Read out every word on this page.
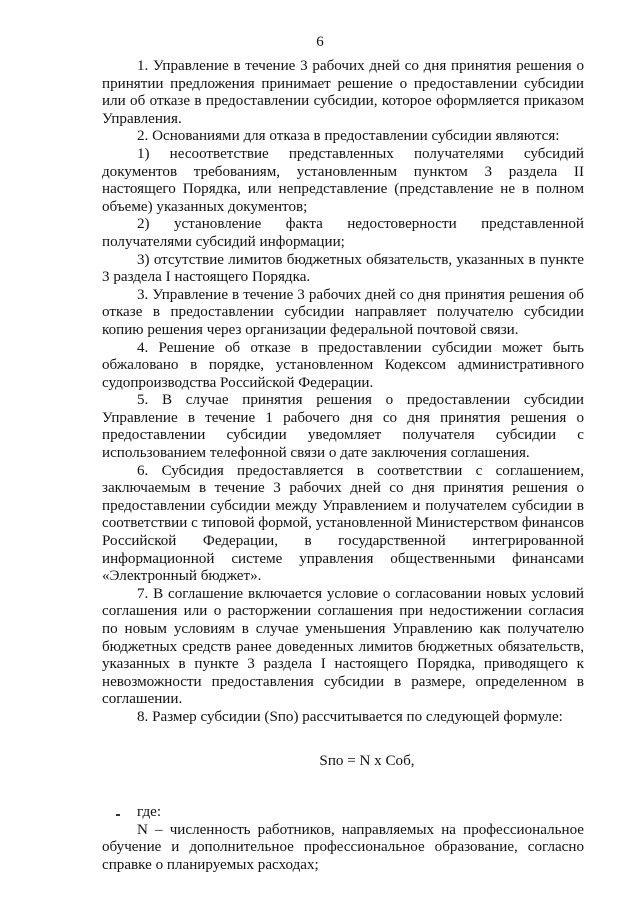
6

1. Управление в течение 3 рабочих дней со дня принятия решения о принятии предложения принимает решение о предоставлении субсидии или об отказе в предоставлении субсидии, которое оформляется приказом Управления.

2. Основаниями для отказа в предоставлении субсидии являются:

1) несоответствие представленных получателями субсидий документов требованиям, установленным пунктом 3 раздела II настоящего Порядка, или непредставление (представление не в полном объеме) указанных документов;

2) установление факта недостоверности представленной получателями субсидий информации;

3) отсутствие лимитов бюджетных обязательств, указанных в пункте 3 раздела I настоящего Порядка.

3. Управление в течение 3 рабочих дней со дня принятия решения об отказе в предоставлении субсидии направляет получателю субсидии копию решения через организации федеральной почтовой связи.

4. Решение об отказе в предоставлении субсидии может быть обжаловано в порядке, установленном Кодексом административного судопроизводства Российской Федерации.

5. В случае принятия решения о предоставлении субсидии Управление в течение 1 рабочего дня со дня принятия решения о предоставлении субсидии уведомляет получателя субсидии с использованием телефонной связи о дате заключения соглашения.

6. Субсидия предоставляется в соответствии с соглашением, заключаемым в течение 3 рабочих дней со дня принятия решения о предоставлении субсидии между Управлением и получателем субсидии в соответствии с типовой формой, установленной Министерством финансов Российской Федерации, в государственной интегрированной информационной системе управления общественными финансами «Электронный бюджет».

7. В соглашение включается условие о согласовании новых условий соглашения или о расторжении соглашения при недостижении согласия по новым условиям в случае уменьшения Управлению как получателю бюджетных средств ранее доведенных лимитов бюджетных обязательств, указанных в пункте 3 раздела I настоящего Порядка, приводящего к невозможности предоставления субсидии в размере, определенном в соглашении.

8. Размер субсидии (Sпо) рассчитывается по следующей формуле:

Sпо = N x Cоб,

где:

N – численность работников, направляемых на профессиональное обучение и дополнительное профессиональное образование, согласно справке о планируемых расходах;
